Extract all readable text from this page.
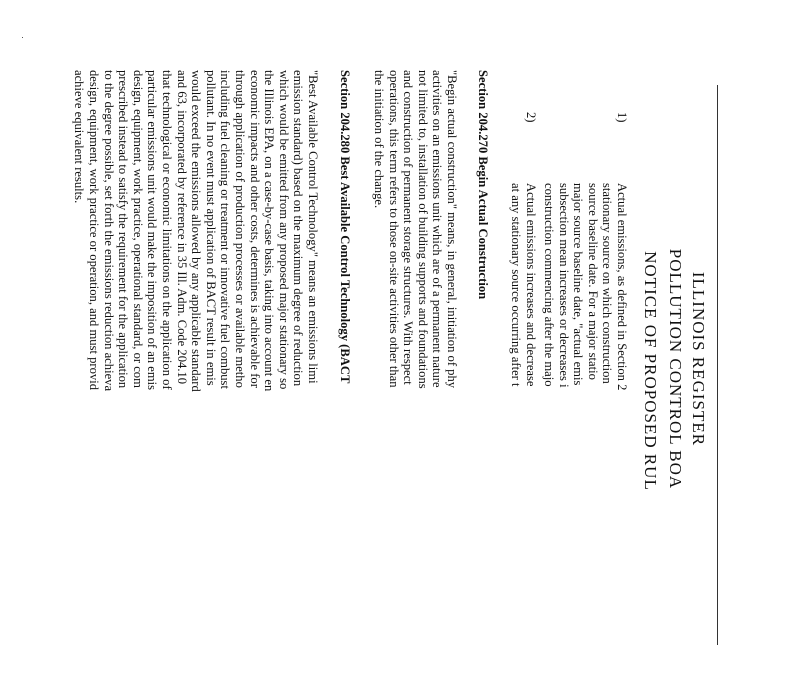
ILLINOIS REGISTER
POLLUTION CONTROL BOA
NOTICE OF PROPOSED RUL
1)
Actual emissions, as defined in Section 2
stationary source on which construction
source baseline date. For a major statio
major source baseline date, "actual emis
subsection mean increases or decreases i
construction commencing after the majo
2)
Actual emissions increases and decrease
at any stationary source occurring after t
Section 204.270 Begin Actual Construction
"Begin actual construction" means, in general, initiation of phy
activities on an emissions unit which are of a permanent nature
not limited to, installation of building supports and foundations
and construction of permanent storage structures. With respect
operations, this term refers to those on-site activities other than
the initiation of the change.
Section 204.280 Best Available Control Technology (BACT
"Best Available Control Technology" means an emissions limi
emission standard) based on the maximum degree of reduction
which would be emitted from any proposed major stationary so
the Illinois EPA, on a case-by-case basis, taking into account en
economic impacts and other costs, determines is achievable for
through application of production processes or available metho
including fuel cleaning or treatment or innovative fuel combust
pollutant. In no event must application of BACT result in emis
would exceed the emissions allowed by any applicable standard
and 63, incorporated by reference in 35 Ill. Adm. Code 204.10
that technological or economic limitations on the application of
particular emissions unit would make the imposition of an emis
design, equipment, work practice, operational standard, or com
prescribed instead to satisfy the requirement for the application
to the degree possible, set forth the emissions reduction achieva
design, equipment, work practice or operation, and must provid
achieve equivalent results.
